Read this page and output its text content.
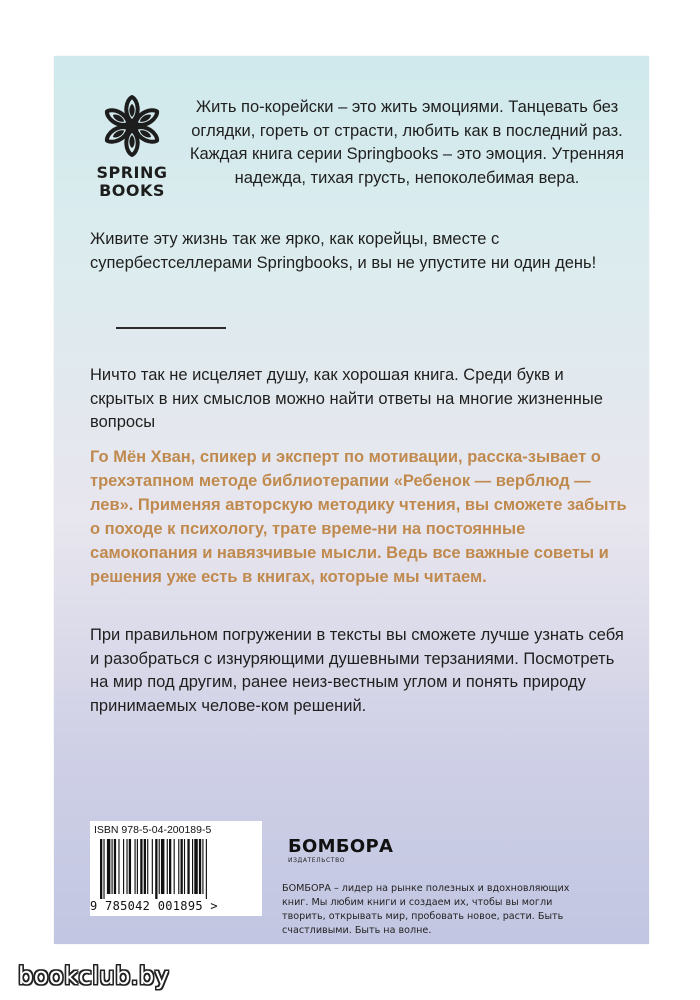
SPRING
BOOKS

Жить по-корейски – это жить эмоциями. Танцевать без оглядки, гореть от страсти, любить как в последний раз. Каждая книга серии Springbooks – это эмоция. Утренняя надежда, тихая грусть, непоколебимая вера.

Живите эту жизнь так же ярко, как корейцы, вместе с супербестселлерами Springbooks, и вы не упустите ни один день!

Ничто так не исцеляет душу, как хорошая книга. Среди букв и скрытых в них смыслов можно найти ответы на многие жизненные вопросы

Го Мён Хван, спикер и эксперт по мотивации, расска-зывает о трехэтапном методе библиотерапии «Ребенок — верблюд — лев». Применяя авторскую методику чтения, вы сможете забыть о походе к психологу, трате време-ни на постоянные самокопания и навязчивые мысли. Ведь все важные советы и решения уже есть в книгах, которые мы читаем.

При правильном погружении в тексты вы сможете лучше узнать себя и разобраться с изнуряющими душевными терзаниями. Посмотреть на мир под другим, ранее неиз-вестным углом и понять природу принимаемых челове-ком решений.

ISBN 978-5-04-200189-5
9 785042 001895 >
БОМБОРА
ИЗДАТЕЛЬСТВО
БОМБОРА – лидер на рынке полезных и вдохновляющих книг. Мы любим книги и создаем их, чтобы вы могли творить, открывать мир, пробовать новое, расти. Быть счастливыми. Быть на волне.
bookclub.by
